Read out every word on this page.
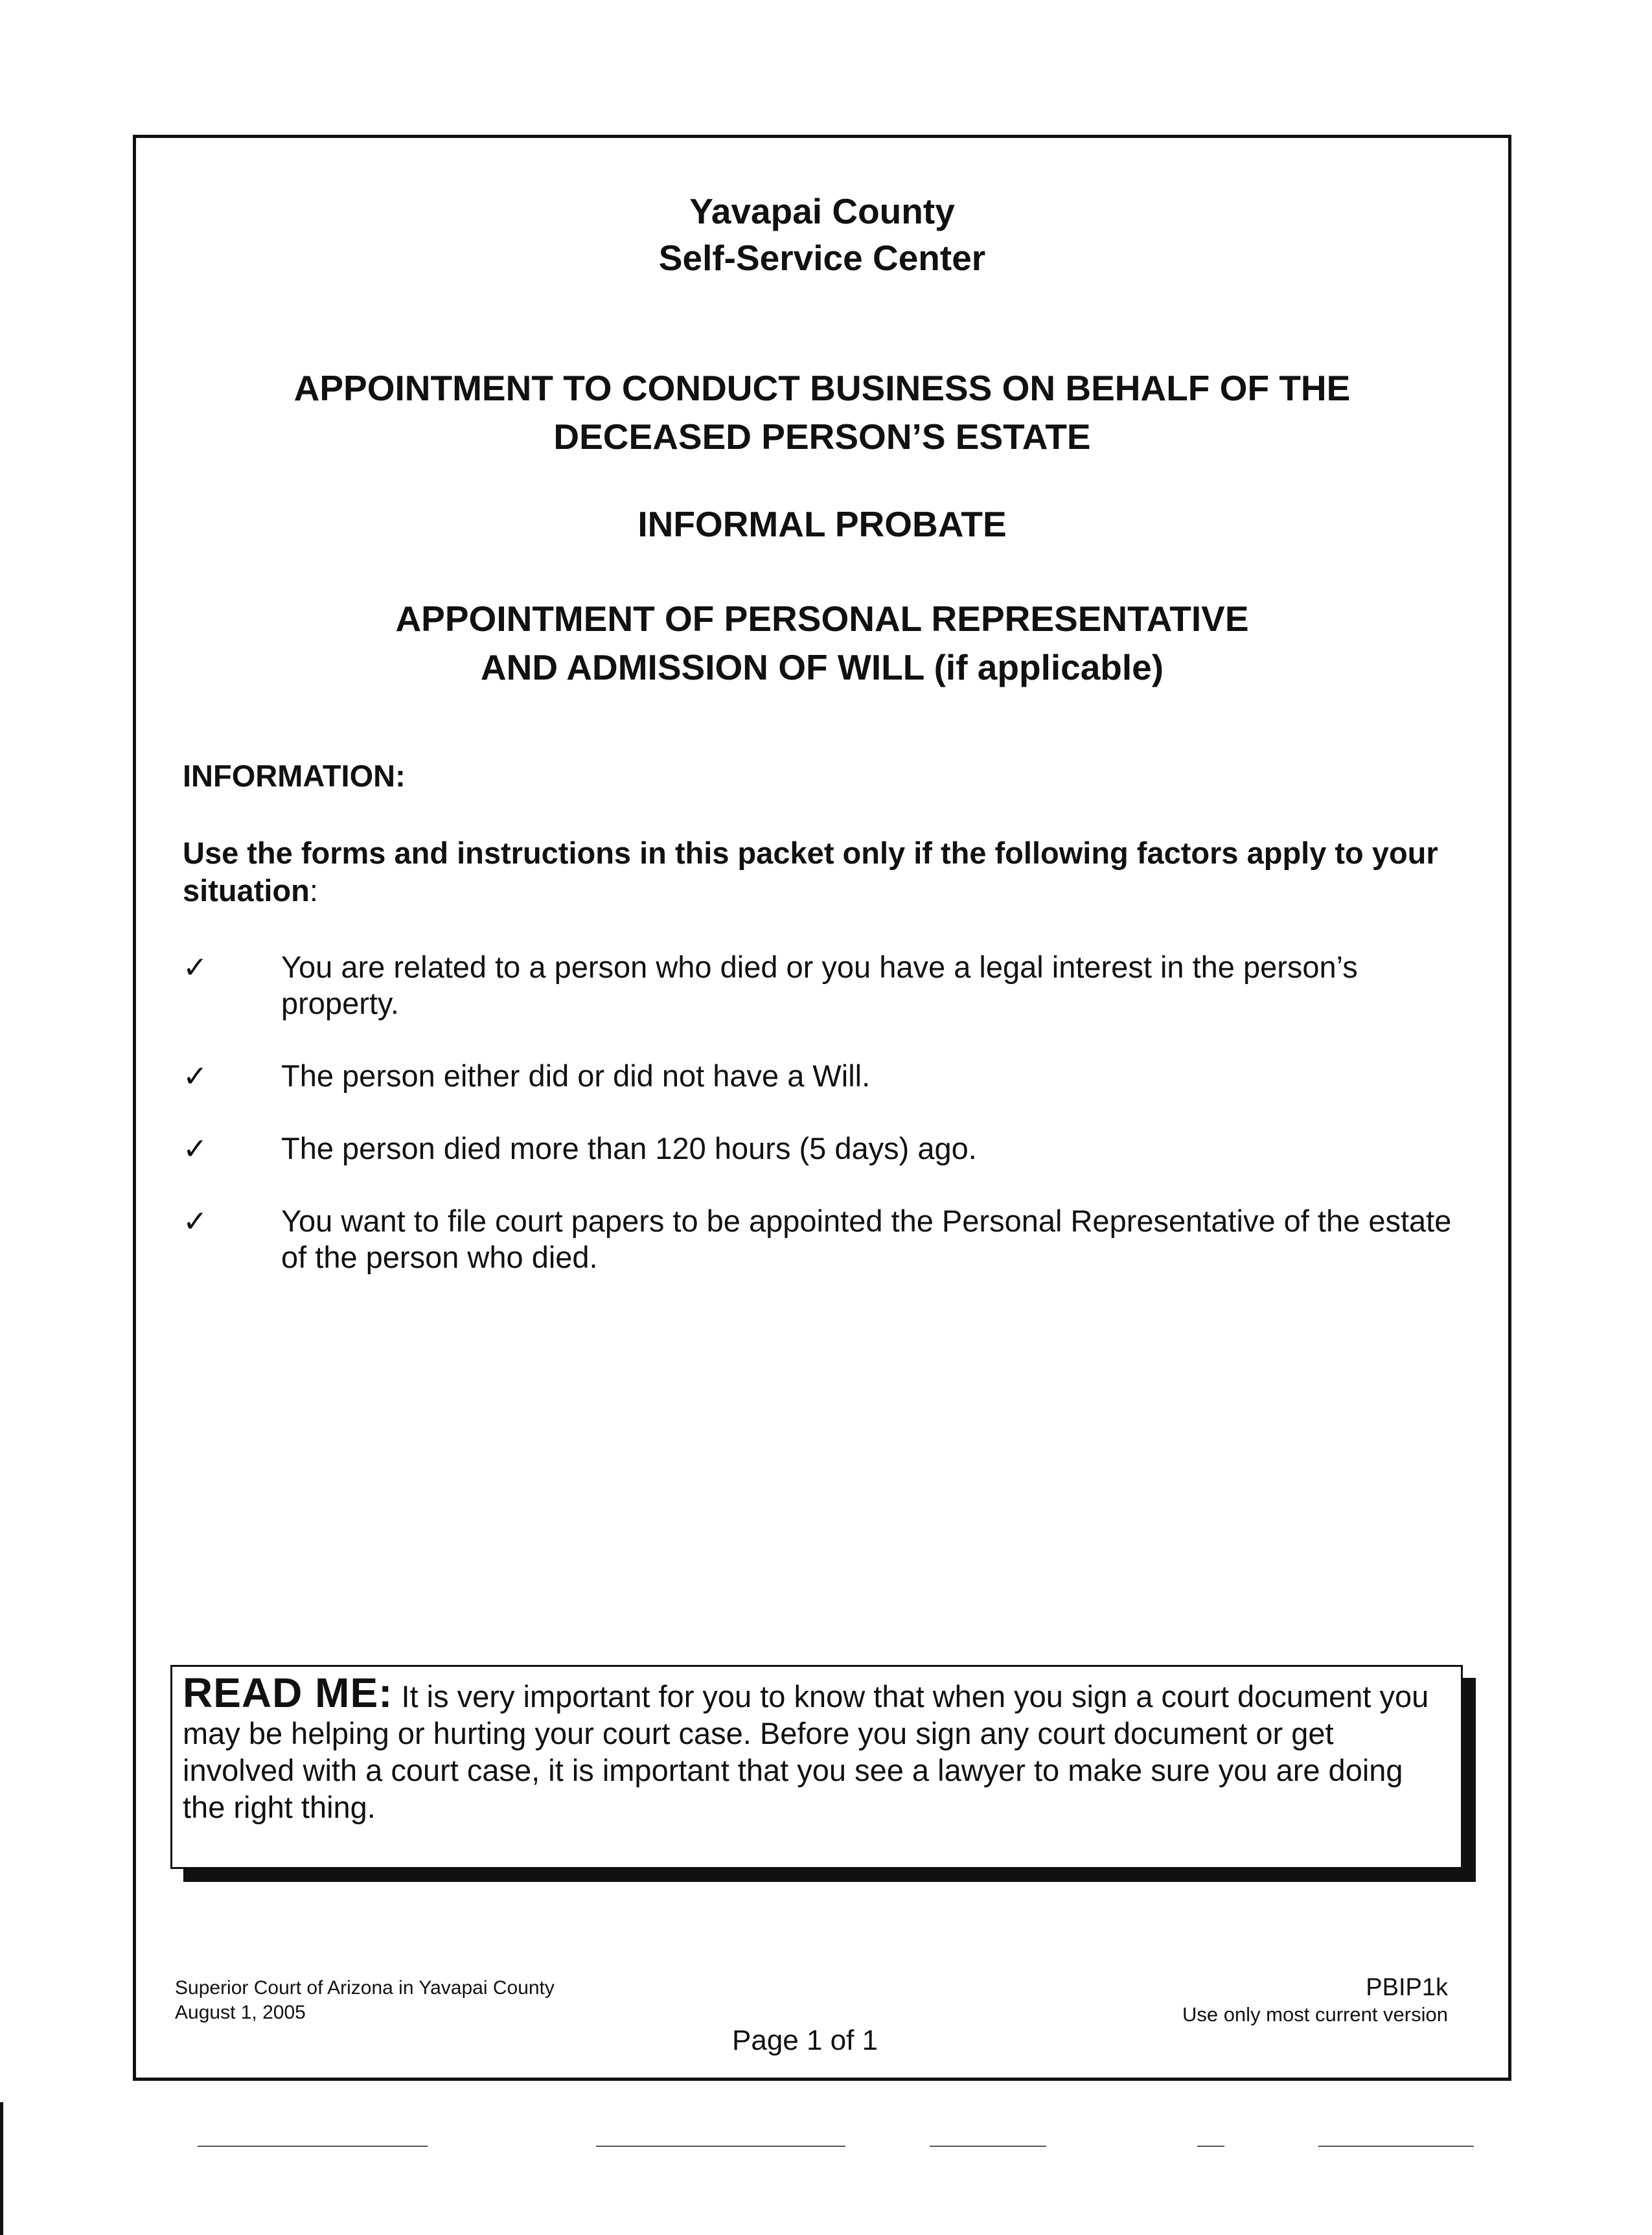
Yavapai County
Self-Service Center
APPOINTMENT TO CONDUCT BUSINESS ON BEHALF OF THE
DECEASED PERSON’S ESTATE
INFORMAL PROBATE
APPOINTMENT OF PERSONAL REPRESENTATIVE
AND ADMISSION OF WILL (if applicable)
INFORMATION:
Use the forms and instructions in this packet only if the following factors apply to your situation:
✓ You are related to a person who died or you have a legal interest in the person’s property.
✓ The person either did or did not have a Will.
✓ The person died more than 120 hours (5 days) ago.
✓ You want to file court papers to be appointed the Personal Representative of the estate of the person who died.
READ ME: It is very important for you to know that when you sign a court document you may be helping or hurting your court case. Before you sign any court document or get involved with a court case, it is important that you see a lawyer to make sure you are doing the right thing.
Superior Court of Arizona in Yavapai County
August 1, 2005
PBIP1k
Use only most current version
Page 1 of 1
